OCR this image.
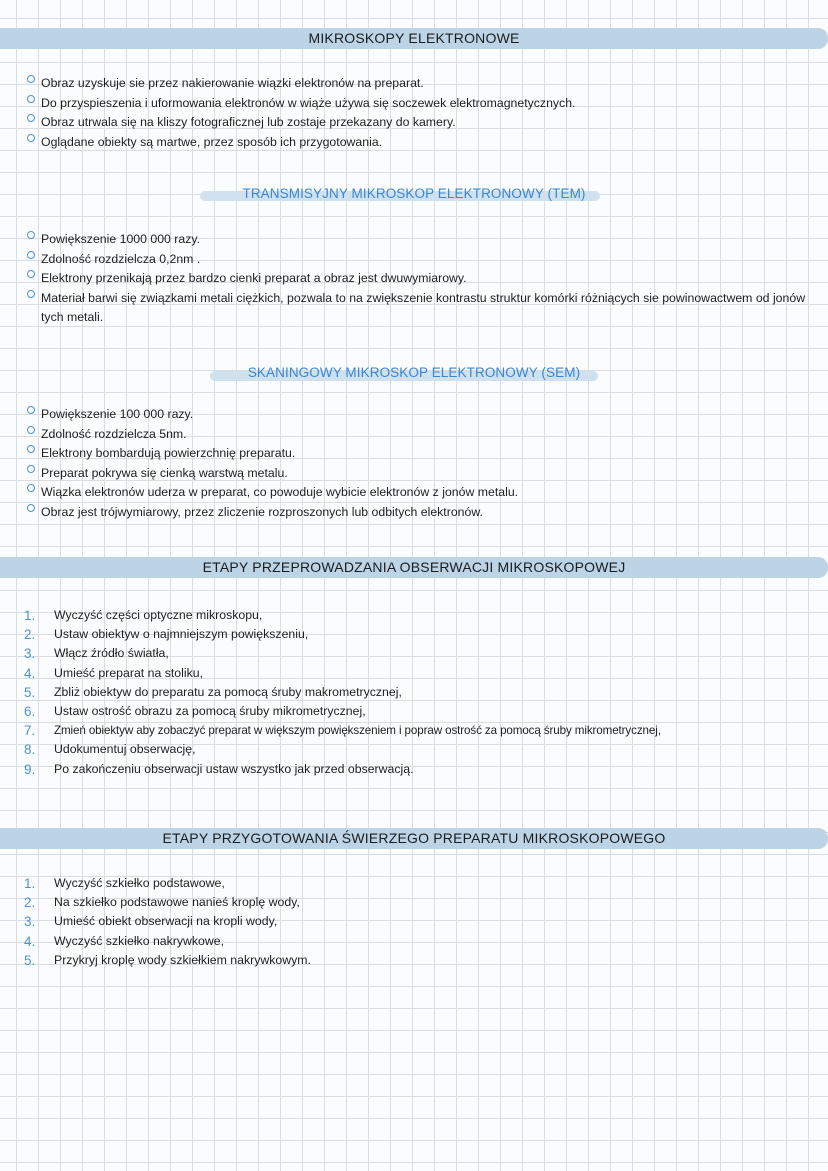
MIKROSKOPY ELEKTRONOWE
Obraz uzyskuje sie przez nakierowanie wiązki elektronów na preparat.
Do przyspieszenia i uformowania elektronów w wiąże używa się soczewek elektromagnetycznych.
Obraz utrwala się na kliszy fotograficznej lub zostaje przekazany do kamery.
Oglądane obiekty są martwe, przez sposób ich przygotowania.
TRANSMISYJNY MIKROSKOP ELEKTRONOWY (TEM)
Powiększenie 1000 000 razy.
Zdolność rozdzielcza 0,2nm .
Elektrony przenikają przez bardzo cienki preparat a obraz jest dwuwymiarowy.
Materiał barwi się związkami metali ciężkich, pozwala to na zwiększenie kontrastu struktur komórki różniących sie powinowactwem od jonów tych metali.
SKANINGOWY MIKROSKOP ELEKTRONOWY (SEM)
Powiększenie 100 000 razy.
Zdolność rozdzielcza 5nm.
Elektrony bombardują powierzchnię preparatu.
Preparat pokrywa się cienką warstwą metalu.
Wiązka elektronów uderza w preparat, co powoduje wybicie elektronów z jonów metalu.
Obraz jest trójwymiarowy, przez zliczenie rozproszonych lub odbitych elektronów.
ETAPY PRZEPROWADZANIA OBSERWACJI MIKROSKOPOWEJ
1. Wyczyść części optyczne mikroskopu,
2. Ustaw obiektyw o najmniejszym powiększeniu,
3. Włącz źródło światła,
4. Umieść preparat na stoliku,
5. Zbliż obiektyw do preparatu za pomocą śruby makrometrycznej,
6. Ustaw ostrość obrazu za pomocą śruby mikrometrycznej,
7. Zmień obiektyw aby zobaczyć preparat w większym powiększeniem i popraw ostrość za pomocą śruby mikrometrycznej,
8. Udokumentuj obserwację,
9. Po zakończeniu obserwacji ustaw wszystko jak przed obserwacją.
ETAPY PRZYGOTOWANIA ŚWIERZEGO PREPARATU MIKROSKOPOWEGO
1. Wyczyść szkiełko podstawowe,
2. Na szkiełko podstawowe nanieś kroplę wody,
3. Umieść obiekt obserwacji na kropli wody,
4. Wyczyść szkiełko nakrywkowe,
5. Przykryj kroplę wody szkiełkiem nakrywkowym.
